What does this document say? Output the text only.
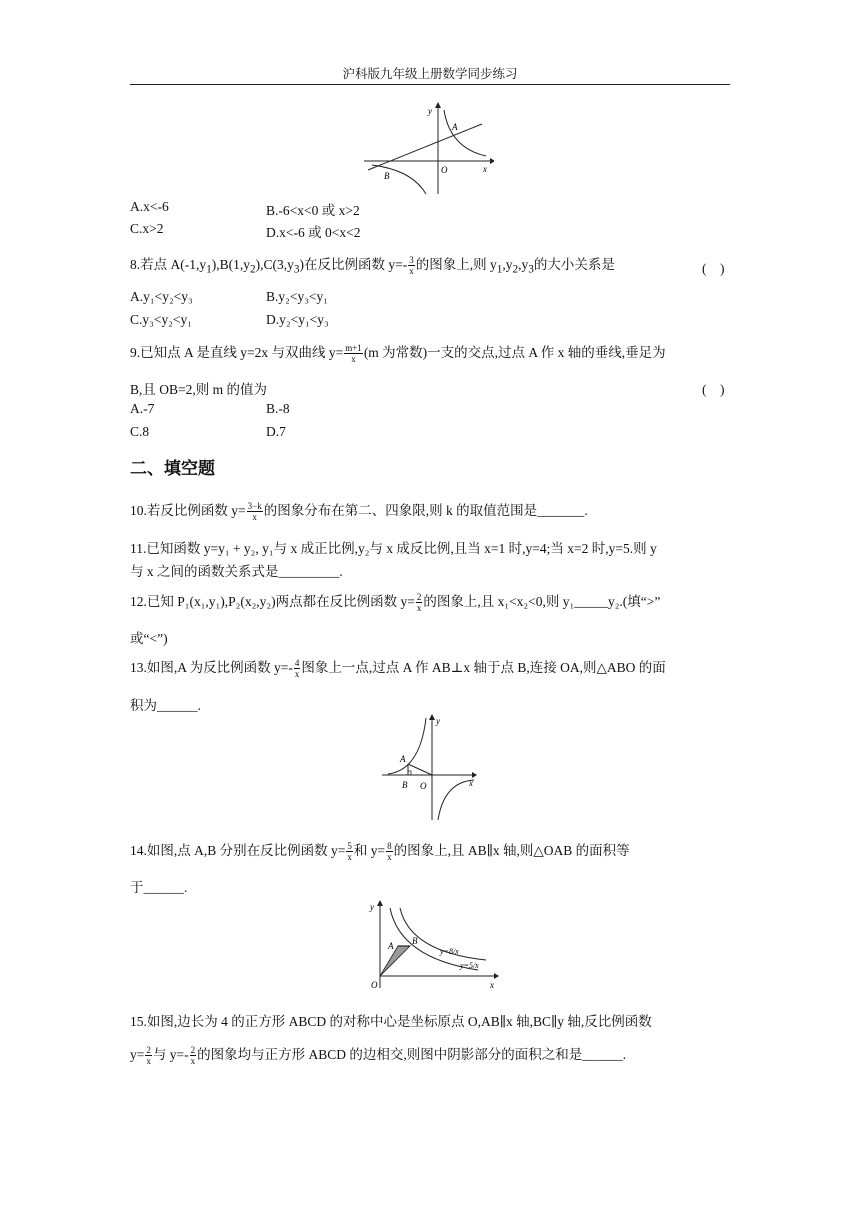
沪科版九年级上册数学同步练习
A
B
O	x
y
A.x<-6	B.-6<x<0 或 x>2
C.x>2	D.x<-6 或 0<x<2
8.若点 $A(-1,y_1),B(1,y_2),C(3,y_3)$在反比例函数 $y=- \frac{3}{x}$ 的图象上,则 $y_1,y_2,y_3$的大小关系是	(　)
A.y₁<y₂<y₃	B.y₂<y₃<y₁
C.y₃<y₂<y₁	D.y₂<y₁<y₃
9.已知点 A 是直线 y=2x 与双曲线 $y= \frac{m+1}{x} (m$ 为常数)一支的交点,过点 A 作 x 轴的垂线,垂足为
B,且 OB=2,则 m 的值为	(　)
A.-7	B.-8
C.8	D.7
二、填空题
10.若反比例函数 $y= \frac{3-k}{x}$ 的图象分布在第二、四象限,则 k 的取值范围是_______.
11.已知函数 y=y₁ + y₂, y₁与 x 成正比例,y₂与 x 成反比例,且当 x=1 时,y=4;当 x=2 时,y=5.则 y
与 x 之间的函数关系式是_________.
12.已知 P₁(x₁,y₁),P₂(x₂,y₂)两点都在反比例函数 $y= \frac{2}{x}$ 的图象上,且 x₁<x₂<0,则 y₁_____y₂.(填“>”
或“<”)
13.如图,A 为反比例函数 $y=- \frac{4}{x}$ 图象上一点,过点 A 作 AB⊥x 轴于点 B,连接 OA,则△ABO 的面
积为______.
A
B O	x
y
14.如图,点 A,B 分别在反比例函数 $y= \frac{5}{x}$ 和 $y= \frac{8}{x}$ 的图象上,且 AB∥x 轴,则△OAB 的面积等
于______.
A B
O	x
y
y=8/x
y=5/x
15.如图,边长为 4 的正方形 ABCD 的对称中心是坐标原点 O,AB∥x 轴,BC∥y 轴,反比例函数
$y= \frac{2}{x}$ 与 $y=- \frac{2}{x}$ 的图象均与正方形 ABCD 的边相交,则图中阴影部分的面积之和是______.
